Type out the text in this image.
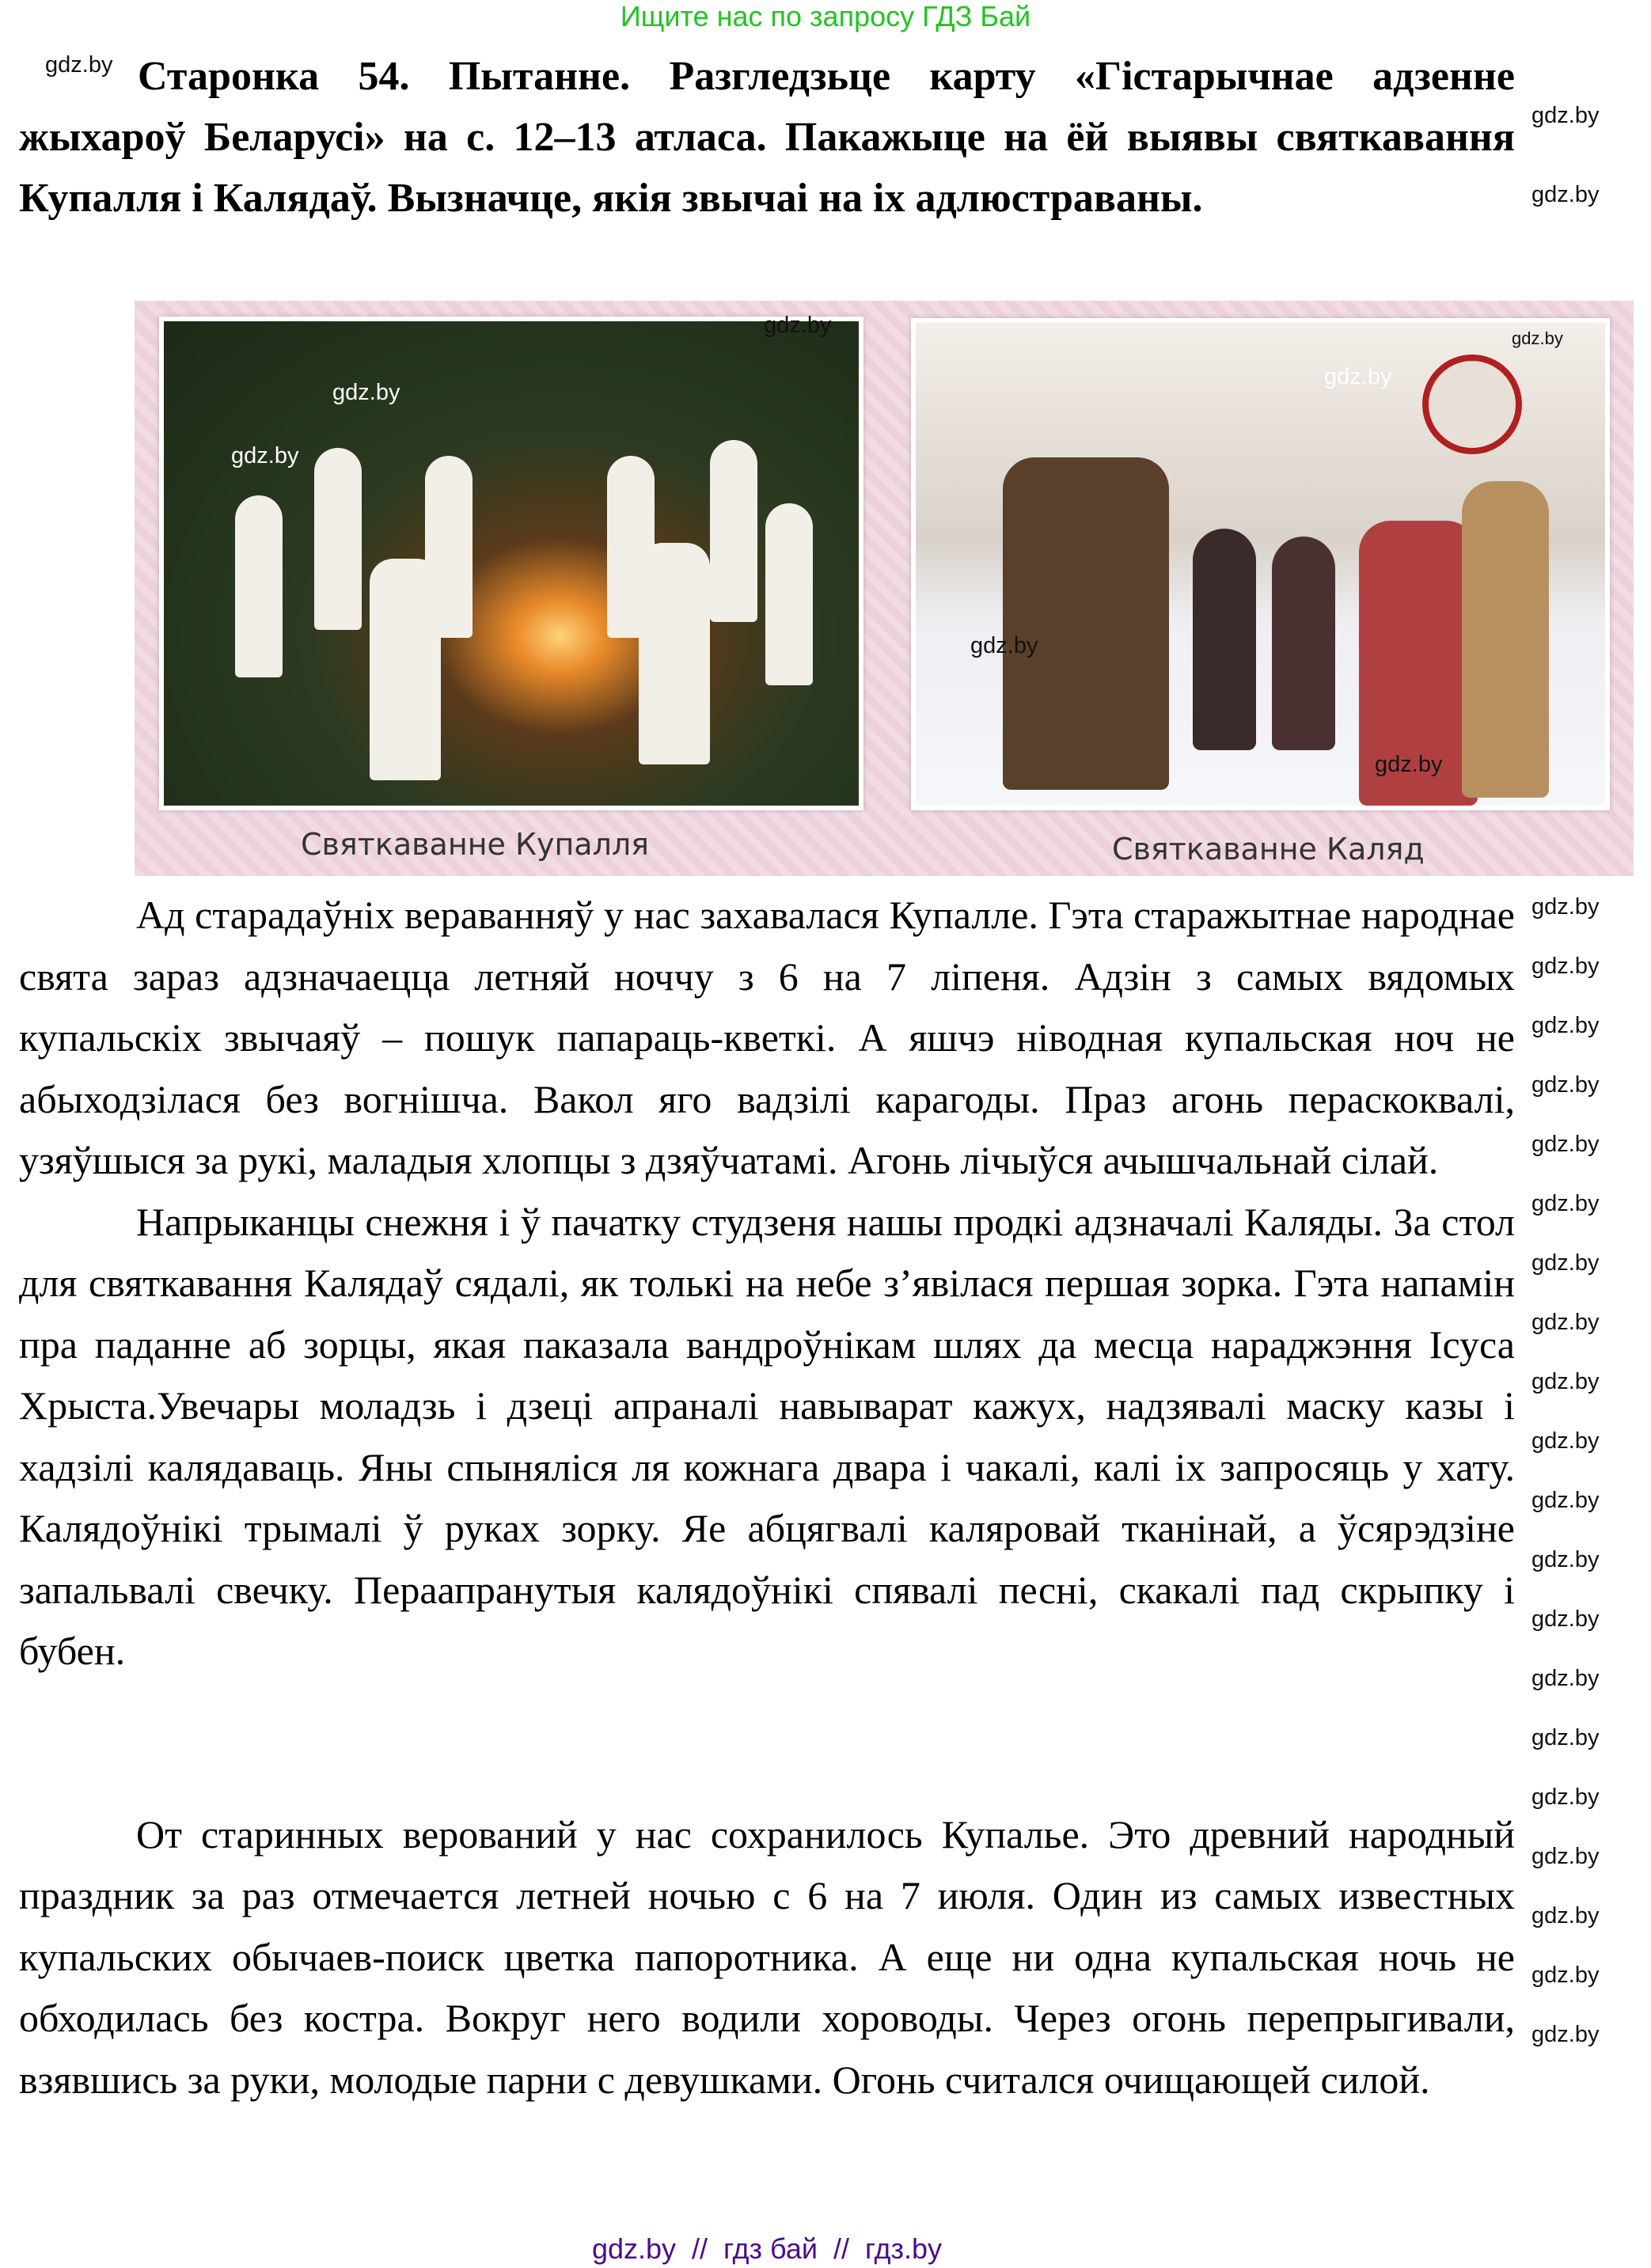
Ищите нас по запросу ГДЗ Бай
Старонка 54. Пытанне. Разгледзьце карту «Гістарычнае адзенне жыхароў Беларусі» на с. 12–13 атласа. Пакажыце на ёй выявы святкавання Купалля і Калядаў. Вызначце, якія звычаі на іх адлюстраваны.
Святкаванне Купалля	Святкаванне Каляд

Ад старадаўніх вераванняў у нас захавалася Купалле. Гэта старажытнае народнае свята зараз адзначаецца летняй ноччу з 6 на 7 ліпеня. Адзін з самых вядомых купальскіх звычаяў – пошук папараць-кветкі. А яшчэ ніводная купальская ноч не абыходзілася без вогнішча. Вакол яго вадзілі карагоды. Праз агонь пераскоквалі, узяўшыся за рукі, маладыя хлопцы з дзяўчатамі. Агонь лічыўся ачышчальнай сілай.

Напрыканцы снежня і ў пачатку студзеня нашы продкі адзначалі Каляды. За стол для святкавання Калядаў сядалі, як толькі на небе з’явілася першая зорка. Гэта напамін пра паданне аб зорцы, якая паказала вандроўнікам шлях да месца нараджэння Ісуса Хрыста.Увечары моладзь і дзеці апраналі навыварат кажух, надзявалі маску казы і хадзілі калядаваць. Яны спыняліся ля кожнага двара і чакалі, калі іх запросяць у хату. Калядоўнікі трымалі ў руках зорку. Яе абцягвалі каляровай тканінай, а ўсярэдзіне запальвалі свечку. Пераапранутыя калядоўнікі спявалі песні, скакалі пад скрыпку і бубен.

От старинных верований у нас сохранилось Купалье. Это древний народный праздник за раз отмечается летней ночью с 6 на 7 июля. Один из самых известных купальских обычаев-поиск цветка папоротника. А еще ни одна купальская ночь не обходилась без костра. Вокруг него водили хороводы. Через огонь перепрыгивали, взявшись за руки, молодые парни с девушками. Огонь считался очищающей силой.

gdz.by  //  гдз бай  //  гдз.by
gdz.by
gdz.by
gdz.by
gdz.by
gdz.by
gdz.by
gdz.by
gdz.by
gdz.by
gdz.by
gdz.by
gdz.by
gdz.by
gdz.by
gdz.by
gdz.by
gdz.by
gdz.by
gdz.by
gdz.by
gdz.by
gdz.by
gdz.by
gdz.by
gdz.by
gdz.by
gdz.by
gdz.by
gdz.by
gdz.by
